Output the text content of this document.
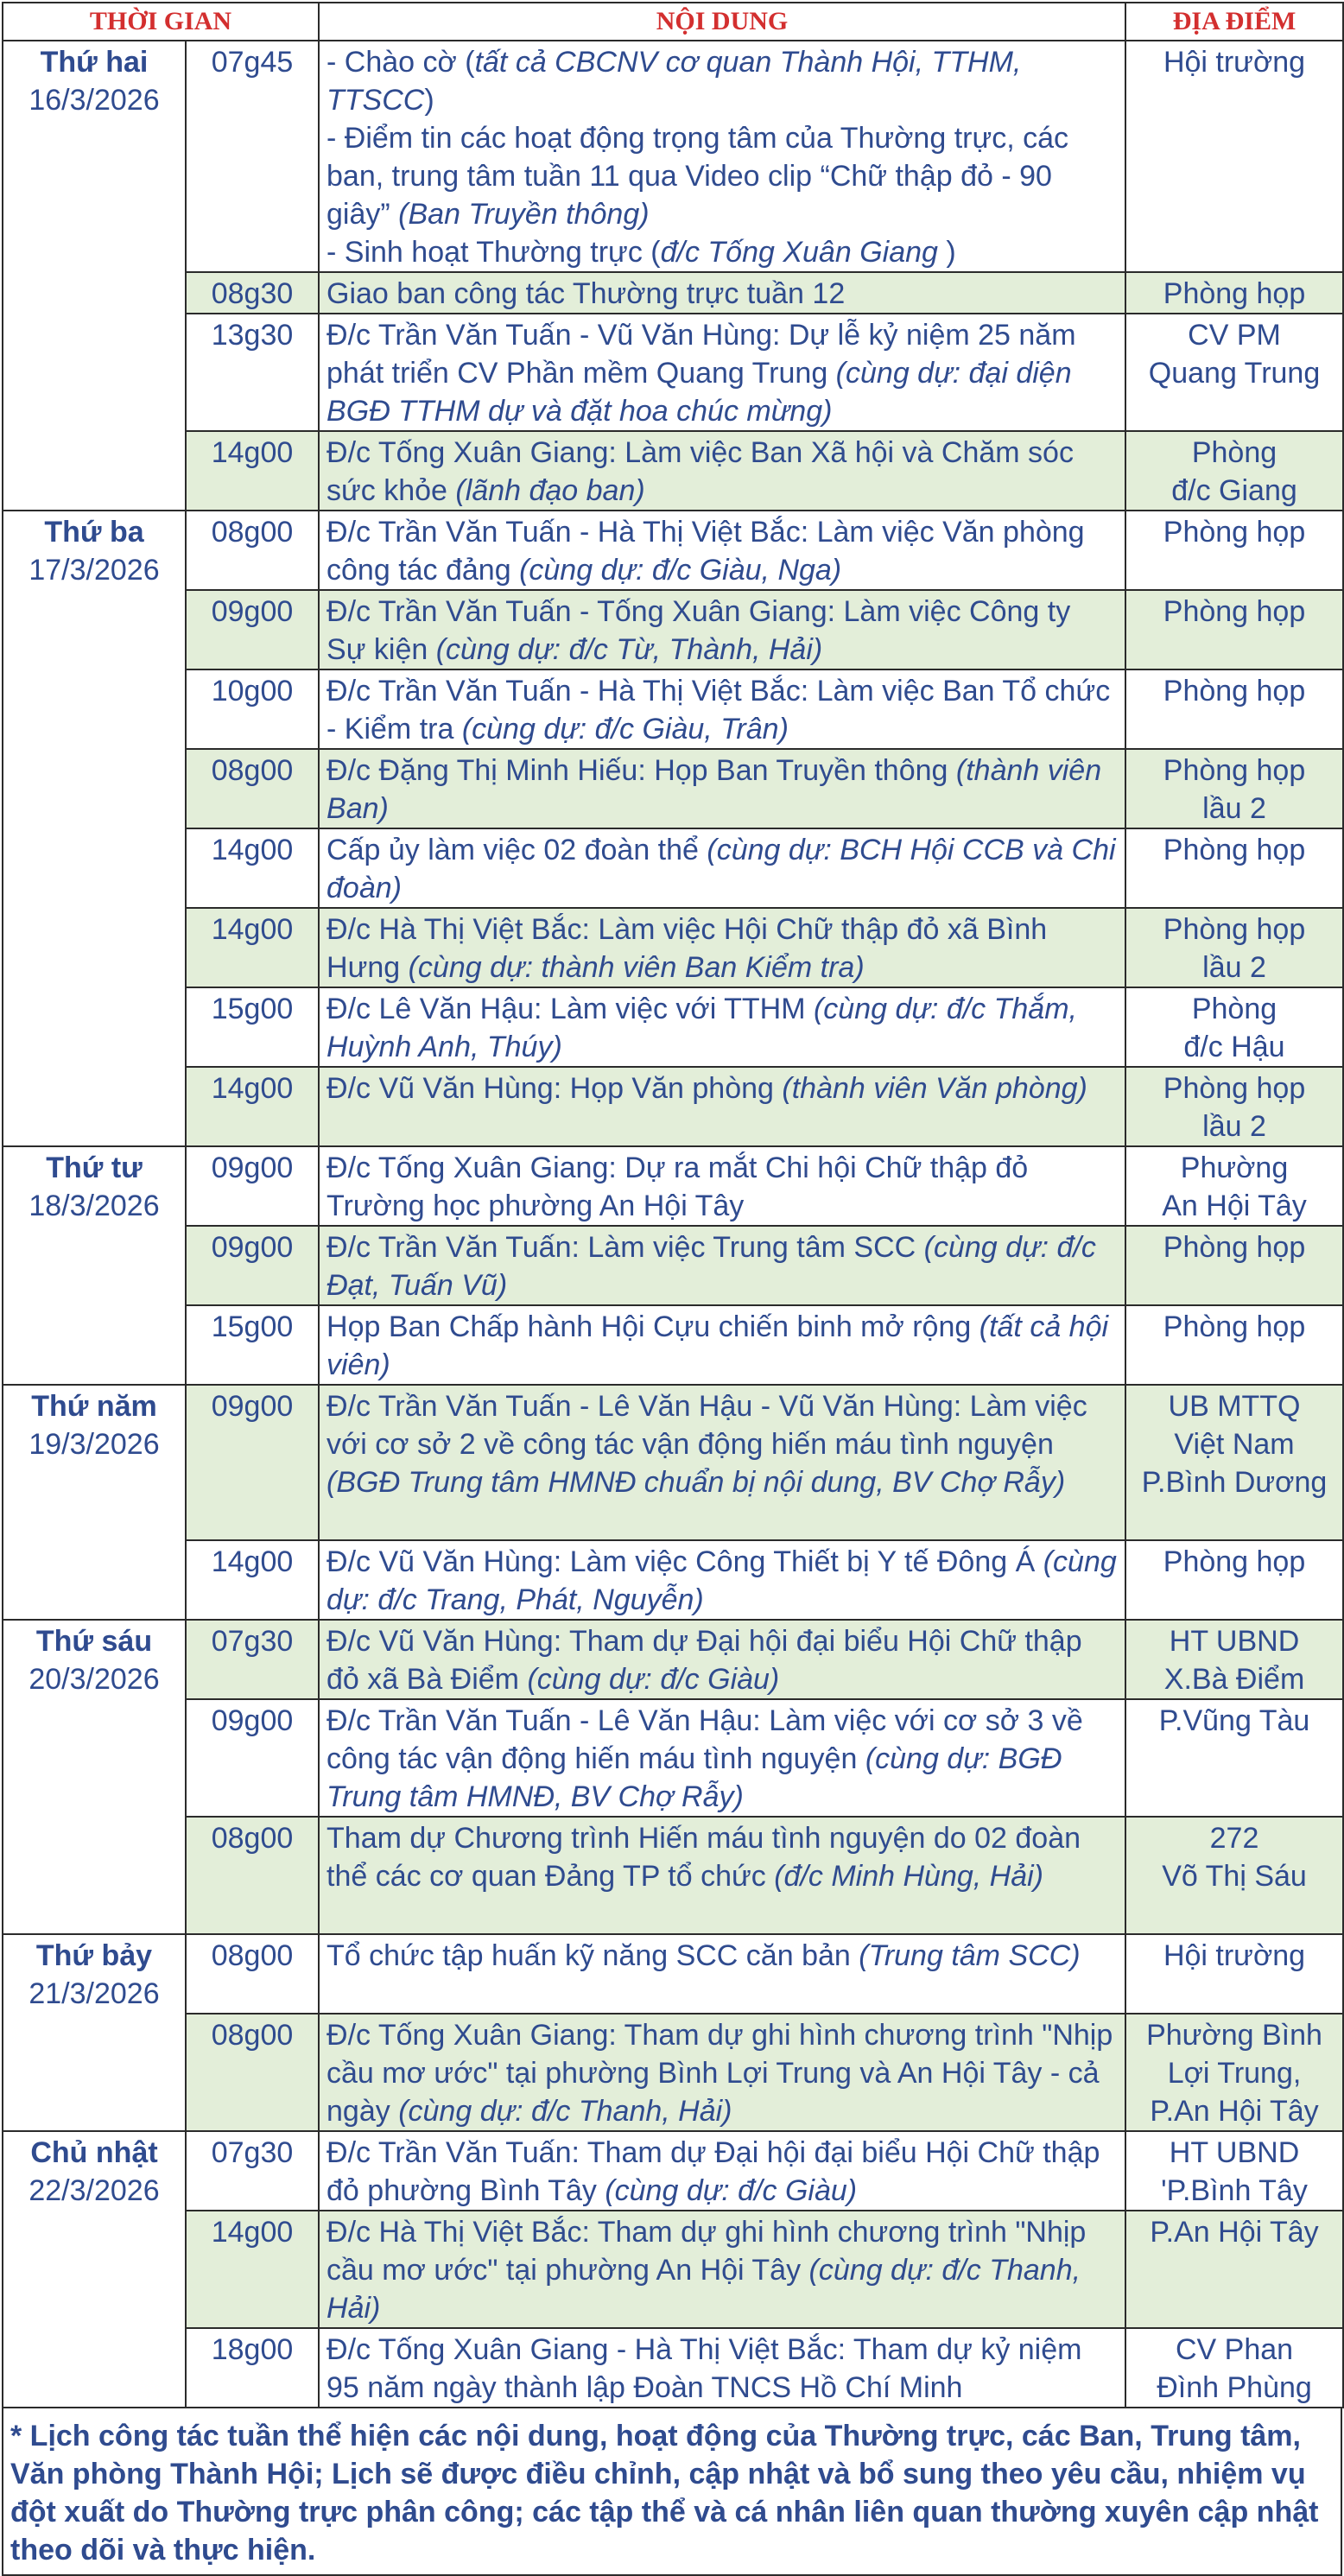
THỜI GIAN		NỘI DUNG	ĐỊA ĐIỂM

Thứ hai
16/3/2026	07g45	- Chào cờ (tất cả CBCNV cơ quan Thành Hội, TTHM, TTSCC)
- Điểm tin các hoạt động trọng tâm của Thường trực, các ban, trung tâm tuần 11 qua Video clip “Chữ thập đỏ - 90 giây” (Ban Truyền thông)
- Sinh hoạt Thường trực (đ/c Tống Xuân Giang )	Hội trường
	08g30	Giao ban công tác Thường trực tuần 12	Phòng họp
	13g30	Đ/c Trần Văn Tuấn - Vũ Văn Hùng: Dự lễ kỷ niệm 25 năm phát triển CV Phần mềm Quang Trung (cùng dự: đại diện BGĐ TTHM dự và đặt hoa chúc mừng)	CV PM
Quang Trung
	14g00	Đ/c Tống Xuân Giang: Làm việc Ban Xã hội và Chăm sóc sức khỏe (lãnh đạo ban)	Phòng
đ/c Giang

Thứ ba
17/3/2026	08g00	Đ/c Trần Văn Tuấn - Hà Thị Việt Bắc: Làm việc Văn phòng công tác đảng (cùng dự: đ/c Giàu, Nga)	Phòng họp
	09g00	Đ/c Trần Văn Tuấn - Tống Xuân Giang: Làm việc Công ty Sự kiện (cùng dự: đ/c Từ, Thành, Hải)	Phòng họp
	10g00	Đ/c Trần Văn Tuấn - Hà Thị Việt Bắc: Làm việc Ban Tổ chức - Kiểm tra (cùng dự: đ/c Giàu, Trân)	Phòng họp
	08g00	Đ/c Đặng Thị Minh Hiếu: Họp Ban Truyền thông (thành viên Ban)	Phòng họp
lầu 2
	14g00	Cấp ủy làm việc 02 đoàn thể (cùng dự: BCH Hội CCB và Chi đoàn)	Phòng họp
	14g00	Đ/c Hà Thị Việt Bắc: Làm việc Hội Chữ thập đỏ xã Bình Hưng (cùng dự: thành viên Ban Kiểm tra)	Phòng họp
lầu 2
	15g00	Đ/c Lê Văn Hậu: Làm việc với TTHM (cùng dự: đ/c Thắm, Huỳnh Anh, Thúy)	Phòng
đ/c Hậu
	14g00	Đ/c Vũ Văn Hùng: Họp Văn phòng (thành viên Văn phòng)	Phòng họp
lầu 2

Thứ tư
18/3/2026	09g00	Đ/c Tống Xuân Giang: Dự ra mắt Chi hội Chữ thập đỏ Trường học phường An Hội Tây	Phường
An Hội Tây
	09g00	Đ/c Trần Văn Tuấn: Làm việc Trung tâm SCC (cùng dự: đ/c Đạt, Tuấn Vũ)	Phòng họp
	15g00	Họp Ban Chấp hành Hội Cựu chiến binh mở rộng (tất cả hội viên)	Phòng họp

Thứ năm
19/3/2026	09g00	Đ/c Trần Văn Tuấn - Lê Văn Hậu - Vũ Văn Hùng: Làm việc với cơ sở 2 về công tác vận động hiến máu tình nguyện (BGĐ Trung tâm HMNĐ chuẩn bị nội dung, BV Chợ Rẫy)	UB MTTQ
Việt Nam
P.Bình Dương
	14g00	Đ/c Vũ Văn Hùng: Làm việc Công Thiết bị Y tế Đông Á (cùng dự: đ/c Trang, Phát, Nguyễn)	Phòng họp

Thứ sáu
20/3/2026	07g30	Đ/c Vũ Văn Hùng: Tham dự Đại hội đại biểu Hội Chữ thập đỏ xã Bà Điểm (cùng dự: đ/c Giàu)	HT UBND
X.Bà Điểm
	09g00	Đ/c Trần Văn Tuấn - Lê Văn Hậu: Làm việc với cơ sở 3 về công tác vận động hiến máu tình nguyện (cùng dự: BGĐ Trung tâm HMNĐ, BV Chợ Rẫy)	P.Vũng Tàu
	08g00	Tham dự Chương trình Hiến máu tình nguyện do 02 đoàn thể các cơ quan Đảng TP tổ chức (đ/c Minh Hùng, Hải)	272
Võ Thị Sáu

Thứ bảy
21/3/2026	08g00	Tổ chức tập huấn kỹ năng SCC căn bản (Trung tâm SCC)	Hội trường
	08g00	Đ/c Tống Xuân Giang: Tham dự ghi hình chương trình "Nhịp cầu mơ ước" tại phường Bình Lợi Trung và An Hội Tây - cả ngày (cùng dự: đ/c Thanh, Hải)	Phường Bình
Lợi Trung,
P.An Hội Tây

Chủ nhật
22/3/2026	07g30	Đ/c Trần Văn Tuấn: Tham dự Đại hội đại biểu Hội Chữ thập đỏ phường Bình Tây (cùng dự: đ/c Giàu)	HT UBND
'P.Bình Tây
	14g00	Đ/c Hà Thị Việt Bắc: Tham dự ghi hình chương trình "Nhịp cầu mơ ước" tại phường An Hội Tây (cùng dự: đ/c Thanh, Hải)	P.An Hội Tây
	18g00	Đ/c Tống Xuân Giang - Hà Thị Việt Bắc: Tham dự kỷ niệm 95 năm ngày thành lập Đoàn TNCS Hồ Chí Minh	CV Phan
Đình Phùng
* Lịch công tác tuần thể hiện các nội dung, hoạt động của Thường trực, các Ban, Trung tâm, Văn phòng Thành Hội; Lịch sẽ được điều chỉnh, cập nhật và bổ sung theo yêu cầu, nhiệm vụ đột xuất do Thường trực phân công; các tập thể và cá nhân liên quan thường xuyên cập nhật theo dõi và thực hiện.
